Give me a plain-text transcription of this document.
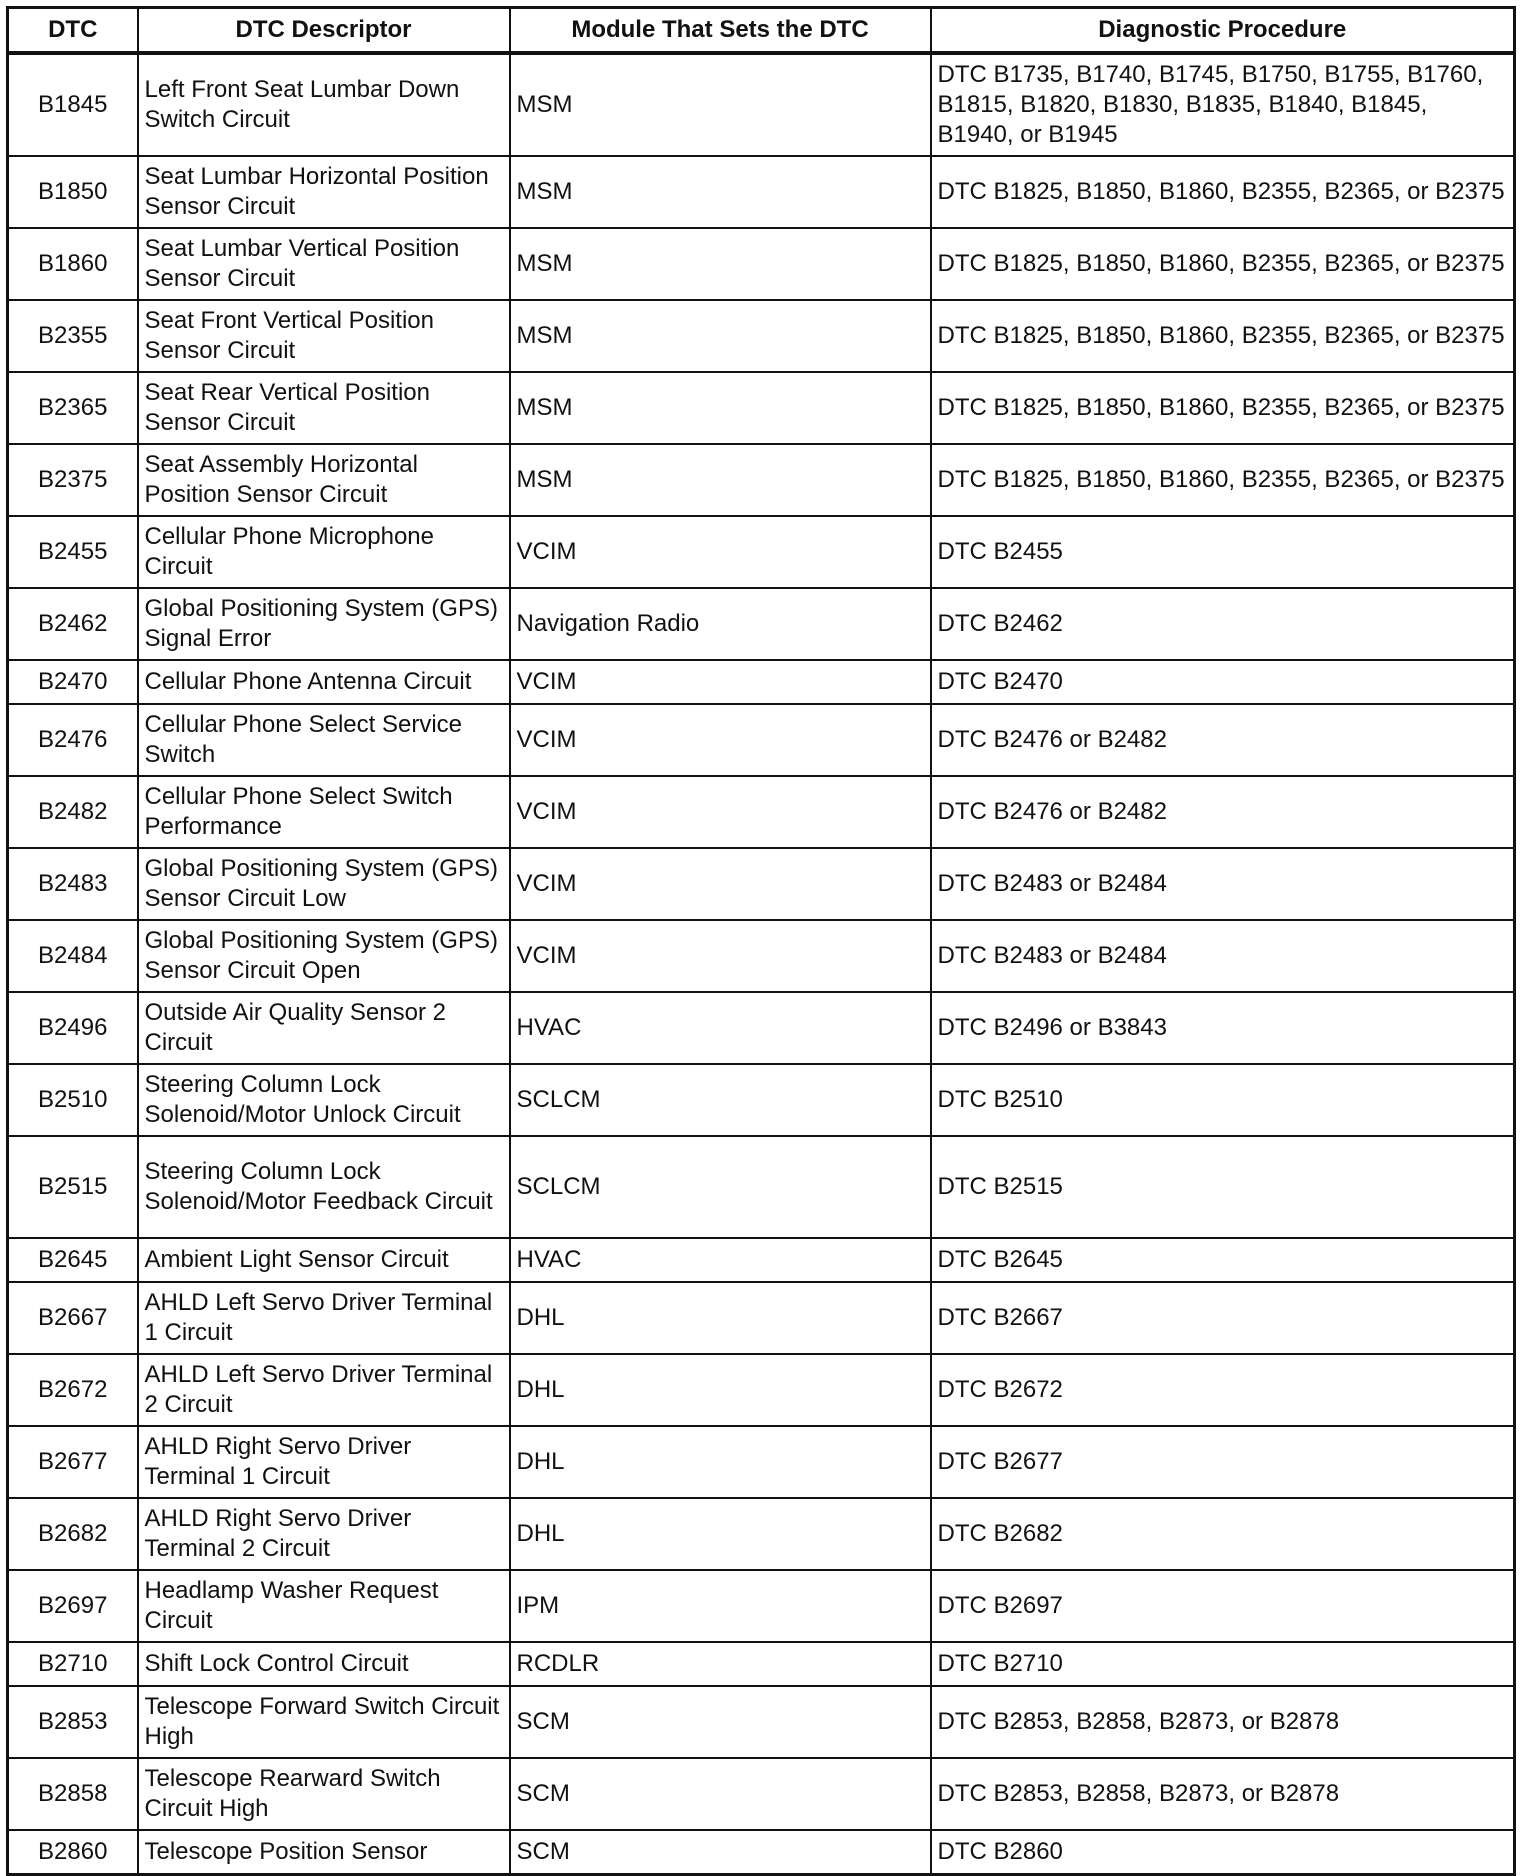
DTC	DTC Descriptor	Module That Sets the DTC	Diagnostic Procedure
B1845	Left Front Seat Lumbar Down Switch Circuit	MSM	DTC B1735, B1740, B1745, B1750, B1755, B1760, B1815, B1820, B1830, B1835, B1840, B1845, B1940, or B1945
B1850	Seat Lumbar Horizontal Position Sensor Circuit	MSM	DTC B1825, B1850, B1860, B2355, B2365, or B2375
B1860	Seat Lumbar Vertical Position Sensor Circuit	MSM	DTC B1825, B1850, B1860, B2355, B2365, or B2375
B2355	Seat Front Vertical Position Sensor Circuit	MSM	DTC B1825, B1850, B1860, B2355, B2365, or B2375
B2365	Seat Rear Vertical Position Sensor Circuit	MSM	DTC B1825, B1850, B1860, B2355, B2365, or B2375
B2375	Seat Assembly Horizontal Position Sensor Circuit	MSM	DTC B1825, B1850, B1860, B2355, B2365, or B2375
B2455	Cellular Phone Microphone Circuit	VCIM	DTC B2455
B2462	Global Positioning System (GPS) Signal Error	Navigation Radio	DTC B2462
B2470	Cellular Phone Antenna Circuit	VCIM	DTC B2470
B2476	Cellular Phone Select Service Switch	VCIM	DTC B2476 or B2482
B2482	Cellular Phone Select Switch Performance	VCIM	DTC B2476 or B2482
B2483	Global Positioning System (GPS) Sensor Circuit Low	VCIM	DTC B2483 or B2484
B2484	Global Positioning System (GPS) Sensor Circuit Open	VCIM	DTC B2483 or B2484
B2496	Outside Air Quality Sensor 2 Circuit	HVAC	DTC B2496 or B3843
B2510	Steering Column Lock Solenoid/Motor Unlock Circuit	SCLCM	DTC B2510
B2515	Steering Column Lock Solenoid/Motor Feedback Circuit	SCLCM	DTC B2515
B2645	Ambient Light Sensor Circuit	HVAC	DTC B2645
B2667	AHLD Left Servo Driver Terminal 1 Circuit	DHL	DTC B2667
B2672	AHLD Left Servo Driver Terminal 2 Circuit	DHL	DTC B2672
B2677	AHLD Right Servo Driver Terminal 1 Circuit	DHL	DTC B2677
B2682	AHLD Right Servo Driver Terminal 2 Circuit	DHL	DTC B2682
B2697	Headlamp Washer Request Circuit	IPM	DTC B2697
B2710	Shift Lock Control Circuit	RCDLR	DTC B2710
B2853	Telescope Forward Switch Circuit High	SCM	DTC B2853, B2858, B2873, or B2878
B2858	Telescope Rearward Switch Circuit High	SCM	DTC B2853, B2858, B2873, or B2878
B2860	Telescope Position Sensor	SCM	DTC B2860
